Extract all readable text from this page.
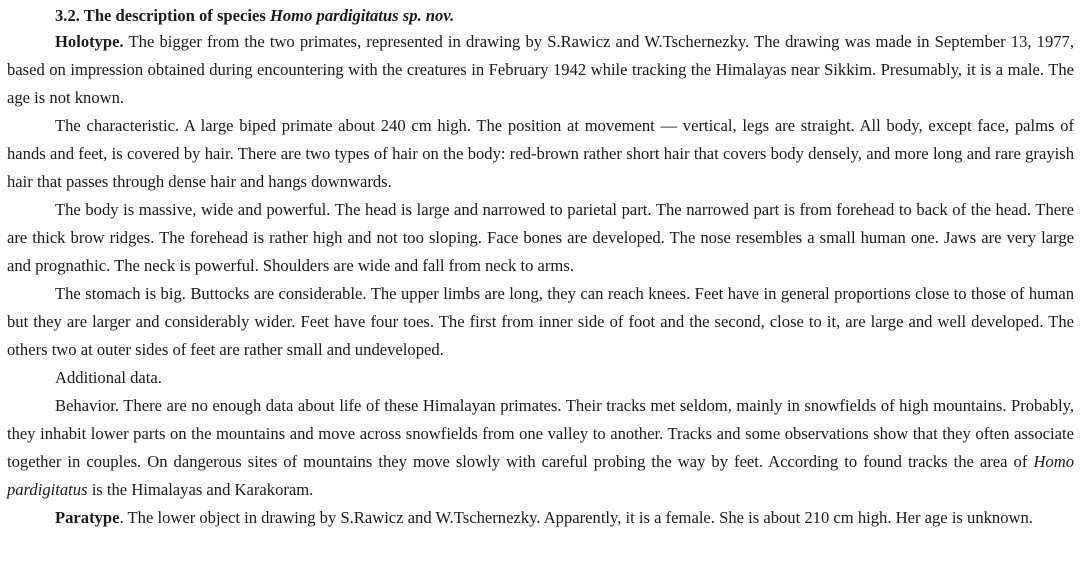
3.2. The description of species Homo pardigitatus sp. nov.

Holotype. The bigger from the two primates, represented in drawing by S.Rawicz and W.Tschernezky. The drawing was made in September 13, 1977, based on impression obtained during encountering with the creatures in February 1942 while tracking the Himalayas near Sikkim. Presumably, it is a male. The age is not known.

The characteristic. A large biped primate about 240 cm high. The position at movement –– vertical, legs are straight. All body, except face, palms of hands and feet, is covered by hair. There are two types of hair on the body: red-brown rather short hair that covers body densely, and more long and rare grayish hair that passes through dense hair and hangs downwards.

The body is massive, wide and powerful. The head is large and narrowed to parietal part. The narrowed part is from forehead to back of the head. There are thick brow ridges. The forehead is rather high and not too sloping. Face bones are developed. The nose resembles a small human one. Jaws are very large and prognathic. The neck is powerful. Shoulders are wide and fall from neck to arms.

The stomach is big. Buttocks are considerable. The upper limbs are long, they can reach knees. Feet have in general proportions close to those of human but they are larger and considerably wider. Feet have four toes. The first from inner side of foot and the second, close to it, are large and well developed. The others two at outer sides of feet are rather small and undeveloped.

Additional data.

Behavior. There are no enough data about life of these Himalayan primates. Their tracks met seldom, mainly in snowfields of high mountains. Probably, they inhabit lower parts on the mountains and move across snowfields from one valley to another. Tracks and some observations show that they often associate together in couples. On dangerous sites of mountains they move slowly with careful probing the way by feet. According to found tracks the area of Homo pardigitatus is the Himalayas and Karakoram.

Paratype. The lower object in drawing by S.Rawicz and W.Tschernezky. Apparently, it is a female. She is about 210 cm high. Her age is unknown.
